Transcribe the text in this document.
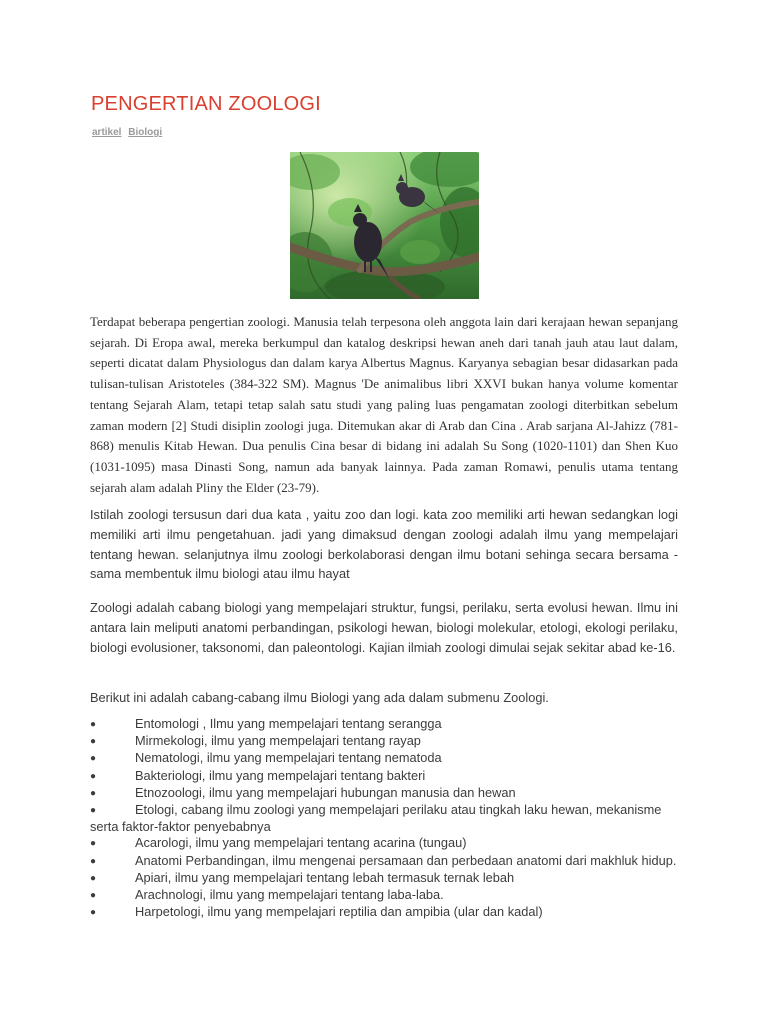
PENGERTIAN ZOOLOGI
artikel Biologi

Terdapat beberapa pengertian zoologi. Manusia telah terpesona oleh anggota lain dari kerajaan hewan sepanjang sejarah. Di Eropa awal, mereka berkumpul dan katalog deskripsi hewan aneh dari tanah jauh atau laut dalam, seperti dicatat dalam Physiologus dan dalam karya Albertus Magnus. Karyanya sebagian besar didasarkan pada tulisan-tulisan Aristoteles (384-322 SM). Magnus 'De animalibus libri XXVI bukan hanya volume komentar tentang Sejarah Alam, tetapi tetap salah satu studi yang paling luas pengamatan zoologi diterbitkan sebelum zaman modern [2] Studi disiplin zoologi juga. Ditemukan akar di Arab dan Cina . Arab sarjana Al-Jahizz (781-868) menulis Kitab Hewan. Dua penulis Cina besar di bidang ini adalah Su Song (1020-1101) dan Shen Kuo (1031-1095) masa Dinasti Song, namun ada banyak lainnya. Pada zaman Romawi, penulis utama tentang sejarah alam adalah Pliny the Elder (23-79).

Istilah zoologi tersusun dari dua kata , yaitu zoo dan logi. kata zoo memiliki arti hewan sedangkan logi memiliki arti ilmu pengetahuan. jadi yang dimaksud dengan zoologi adalah ilmu yang mempelajari tentang hewan. selanjutnya ilmu zoologi berkolaborasi dengan ilmu botani sehinga secara bersama - sama membentuk ilmu biologi atau ilmu hayat

Zoologi adalah cabang biologi yang mempelajari struktur, fungsi, perilaku, serta evolusi hewan. Ilmu ini antara lain meliputi anatomi perbandingan, psikologi hewan, biologi molekular, etologi, ekologi perilaku, biologi evolusioner, taksonomi, dan paleontologi. Kajian ilmiah zoologi dimulai sejak sekitar abad ke-16.

Berikut ini adalah cabang-cabang ilmu Biologi yang ada dalam submenu Zoologi.

●	Entomologi , Ilmu yang mempelajari tentang serangga
●	Mirmekologi, ilmu yang mempelajari tentang rayap
●	Nematologi, ilmu yang mempelajari tentang nematoda
●	Bakteriologi, ilmu yang mempelajari tentang bakteri
●	Etnozoologi, ilmu yang mempelajari hubungan manusia dan hewan
●	Etologi, cabang ilmu zoologi yang mempelajari perilaku atau tingkah laku hewan, mekanisme serta faktor-faktor penyebabnya
●	Acarologi, ilmu yang mempelajari tentang acarina (tungau)
●	Anatomi Perbandingan, ilmu mengenai persamaan dan perbedaan anatomi dari makhluk hidup.
●	Apiari, ilmu yang mempelajari tentang lebah termasuk ternak lebah
●	Arachnologi, ilmu yang mempelajari tentang laba-laba.
●	Harpetologi, ilmu yang mempelajari reptilia dan ampibia (ular dan kadal)
